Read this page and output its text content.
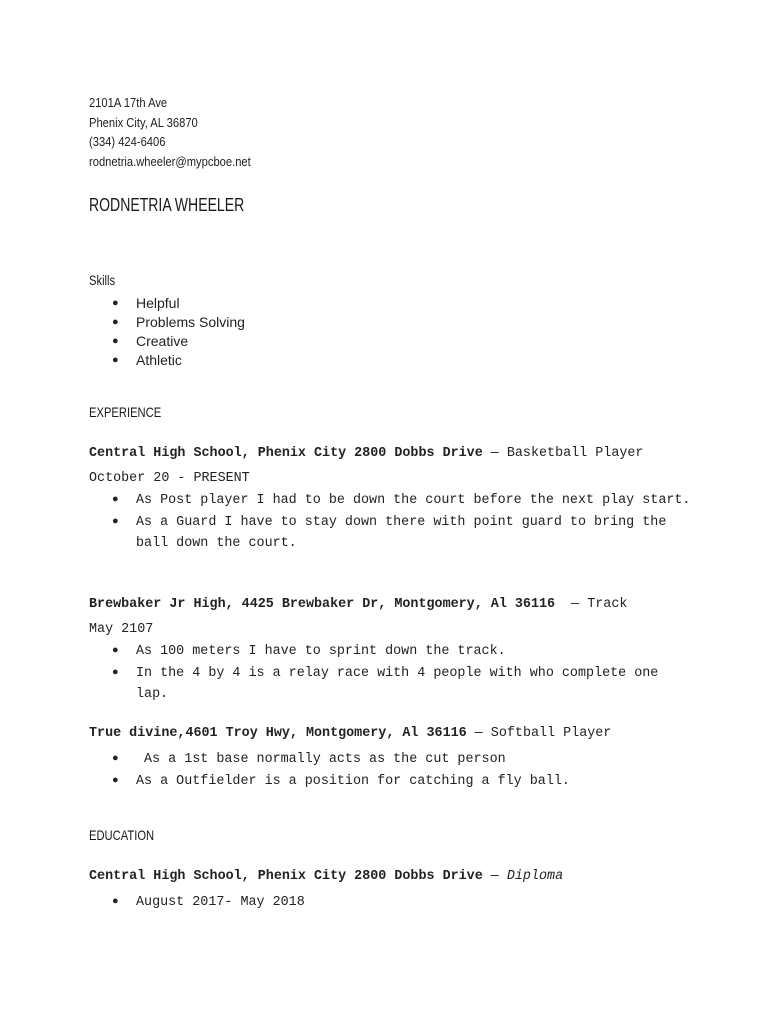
2101A 17th Ave
Phenix City, AL 36870
(334) 424-6406
rodnetria.wheeler@mypcboe.net
RODNETRIA WHEELER
Skills
● Helpful
● Problems Solving
● Creative
● Athletic
EXPERIENCE
Central High School, Phenix City 2800 Dobbs Drive — Basketball Player
October 20 - PRESENT
● As Post player I had to be down the court before the next play start.
● As a Guard I have to stay down there with point guard to bring the ball down the court.
Brewbaker Jr High, 4425 Brewbaker Dr, Montgomery, Al 36116  — Track
May 2107
● As 100 meters I have to sprint down the track.
● In the 4 by 4 is a relay race with 4 people with who complete one lap.
True divine,4601 Troy Hwy, Montgomery, Al 36116 — Softball Player
● As a 1st base normally acts as the cut person
● As a Outfielder is a position for catching a fly ball.
EDUCATION
Central High School, Phenix City 2800 Dobbs Drive — Diploma
● August 2017- May 2018
